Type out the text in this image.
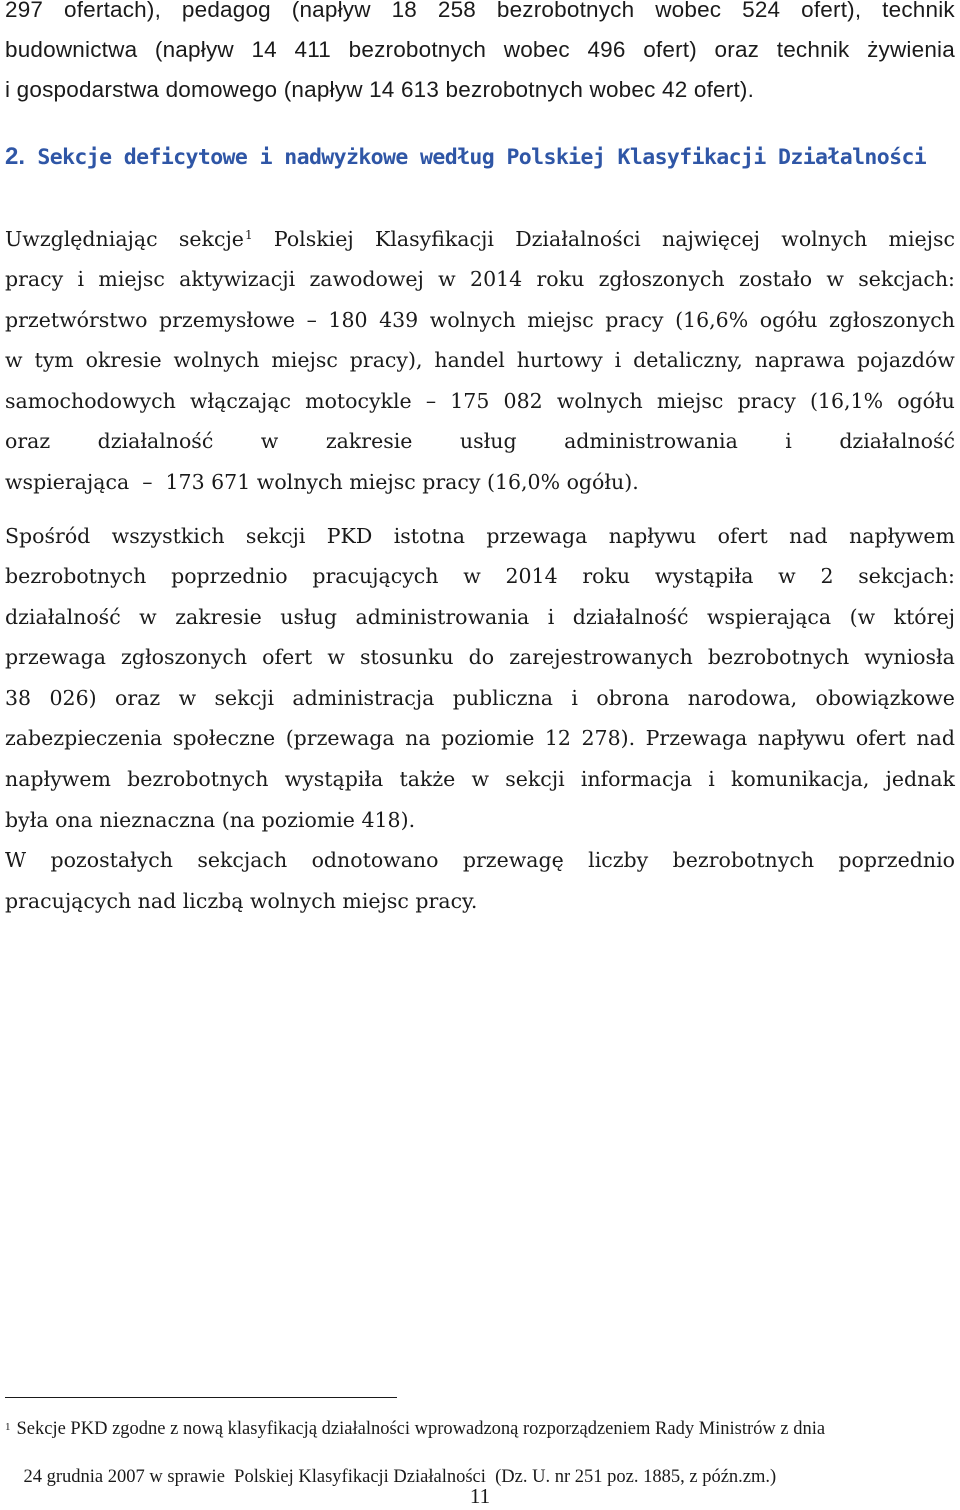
297 ofertach), pedagog (napływ 18 258 bezrobotnych wobec 524 ofert), technik
budownictwa (napływ 14 411 bezrobotnych wobec 496 ofert) oraz technik żywienia
i gospodarstwa domowego (napływ 14 613 bezrobotnych wobec 42 ofert).
2. Sekcje deficytowe i nadwyżkowe według Polskiej Klasyfikacji Działalności
Uwzględniając sekcje$^1$ Polskiej Klasyfikacji Działalności najwięcej wolnych miejsc
pracy i miejsc aktywizacji zawodowej w 2014 roku zgłoszonych zostało w sekcjach:
przetwórstwo przemysłowe – 180 439 wolnych miejsc pracy (16,6% ogółu zgłoszonych
w tym okresie wolnych miejsc pracy), handel hurtowy i detaliczny, naprawa pojazdów
samochodowych włączając motocykle – 175 082 wolnych miejsc pracy (16,1% ogółu
oraz działalność w zakresie usług administrowania i działalność
wspierająca  –  173 671 wolnych miejsc pracy (16,0% ogółu).
Spośród wszystkich sekcji PKD istotna przewaga napływu ofert nad napływem
bezrobotnych poprzednio pracujących w 2014 roku wystąpiła w 2 sekcjach:
działalność w zakresie usług administrowania i działalność wspierająca (w której
przewaga zgłoszonych ofert w stosunku do zarejestrowanych bezrobotnych wyniosła
38 026) oraz w sekcji administracja publiczna i obrona narodowa, obowiązkowe
zabezpieczenia społeczne (przewaga na poziomie 12 278). Przewaga napływu ofert nad
napływem bezrobotnych wystąpiła także w sekcji informacja i komunikacja, jednak
była ona nieznaczna (na poziomie 418).
W pozostałych sekcjach odnotowano przewagę liczby bezrobotnych poprzednio
pracujących nad liczbą wolnych miejsc pracy.
$^1$ Sekcje PKD zgodne z nową klasyfikacją działalności wprowadzoną rozporządzeniem Rady Ministrów z dnia

24 grudnia 2007 w sprawie  Polskiej Klasyfikacji Działalności  (Dz. U. nr 251 poz. 1885, z późn.zm.)

11
